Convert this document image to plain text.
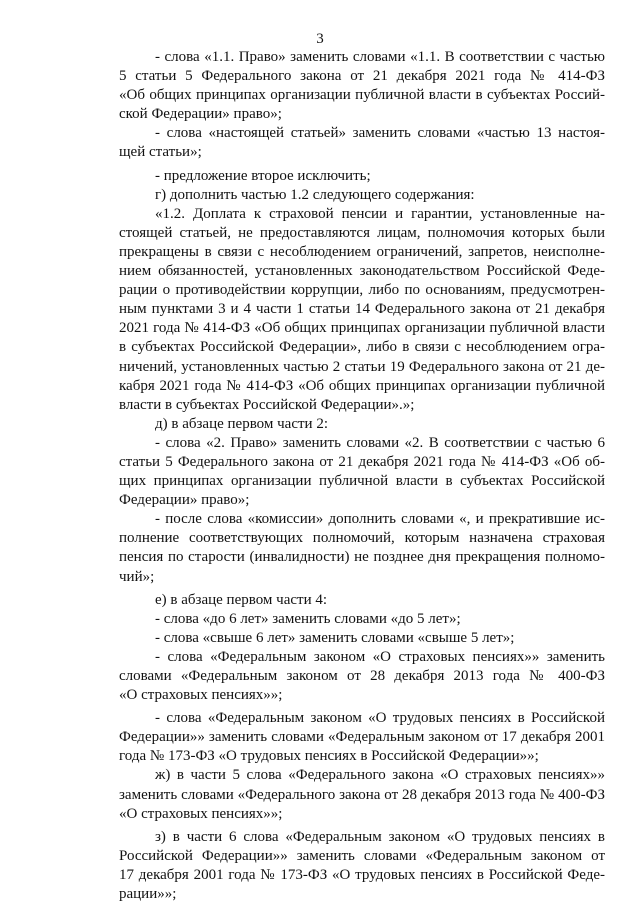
3
- слова «1.1. Право» заменить словами «1.1. В соответствии с частью
5 статьи 5 Федерального закона от 21 декабря 2021 года № 414-ФЗ
«Об общих принципах организации публичной власти в субъектах Россий-
ской Федерации» право»;
- слова «настоящей статьей» заменить словами «частью 13 настоя-
щей статьи»;
- предложение второе исключить;
г) дополнить частью 1.2 следующего содержания:
«1.2. Доплата к страховой пенсии и гарантии, установленные на-
стоящей статьей, не предоставляются лицам, полномочия которых были
прекращены в связи с несоблюдением ограничений, запретов, неисполне-
нием обязанностей, установленных законодательством Российской Феде-
рации о противодействии коррупции, либо по основаниям, предусмотрен-
ным пунктами 3 и 4 части 1 статьи 14 Федерального закона от 21 декабря
2021 года № 414-ФЗ «Об общих принципах организации публичной власти
в субъектах Российской Федерации», либо в связи с несоблюдением огра-
ничений, установленных частью 2 статьи 19 Федерального закона от 21 де-
кабря 2021 года № 414-ФЗ «Об общих принципах организации публичной
власти в субъектах Российской Федерации».»;
д) в абзаце первом части 2:
- слова «2. Право» заменить словами «2. В соответствии с частью 6
статьи 5 Федерального закона от 21 декабря 2021 года № 414-ФЗ «Об об-
щих принципах организации публичной власти в субъектах Российской
Федерации» право»;
- после слова «комиссии» дополнить словами «, и прекратившие ис-
полнение соответствующих полномочий, которым назначена страховая
пенсия по старости (инвалидности) не позднее дня прекращения полномо-
чий»;
е) в абзаце первом части 4:
- слова «до 6 лет» заменить словами «до 5 лет»;
- слова «свыше 6 лет» заменить словами «свыше 5 лет»;
- слова «Федеральным законом «О страховых пенсиях»» заменить
словами «Федеральным законом от 28 декабря 2013 года № 400-ФЗ
«О страховых пенсиях»»;
- слова «Федеральным законом «О трудовых пенсиях в Российской
Федерации»» заменить словами «Федеральным законом от 17 декабря 2001
года № 173-ФЗ «О трудовых пенсиях в Российской Федерации»»;
ж) в части 5 слова «Федерального закона «О страховых пенсиях»»
заменить словами «Федерального закона от 28 декабря 2013 года № 400-ФЗ
«О страховых пенсиях»»;
з) в части 6 слова «Федеральным законом «О трудовых пенсиях в
Российской Федерации»» заменить словами «Федеральным законом от
17 декабря 2001 года № 173-ФЗ «О трудовых пенсиях в Российской Феде-
рации»»;
